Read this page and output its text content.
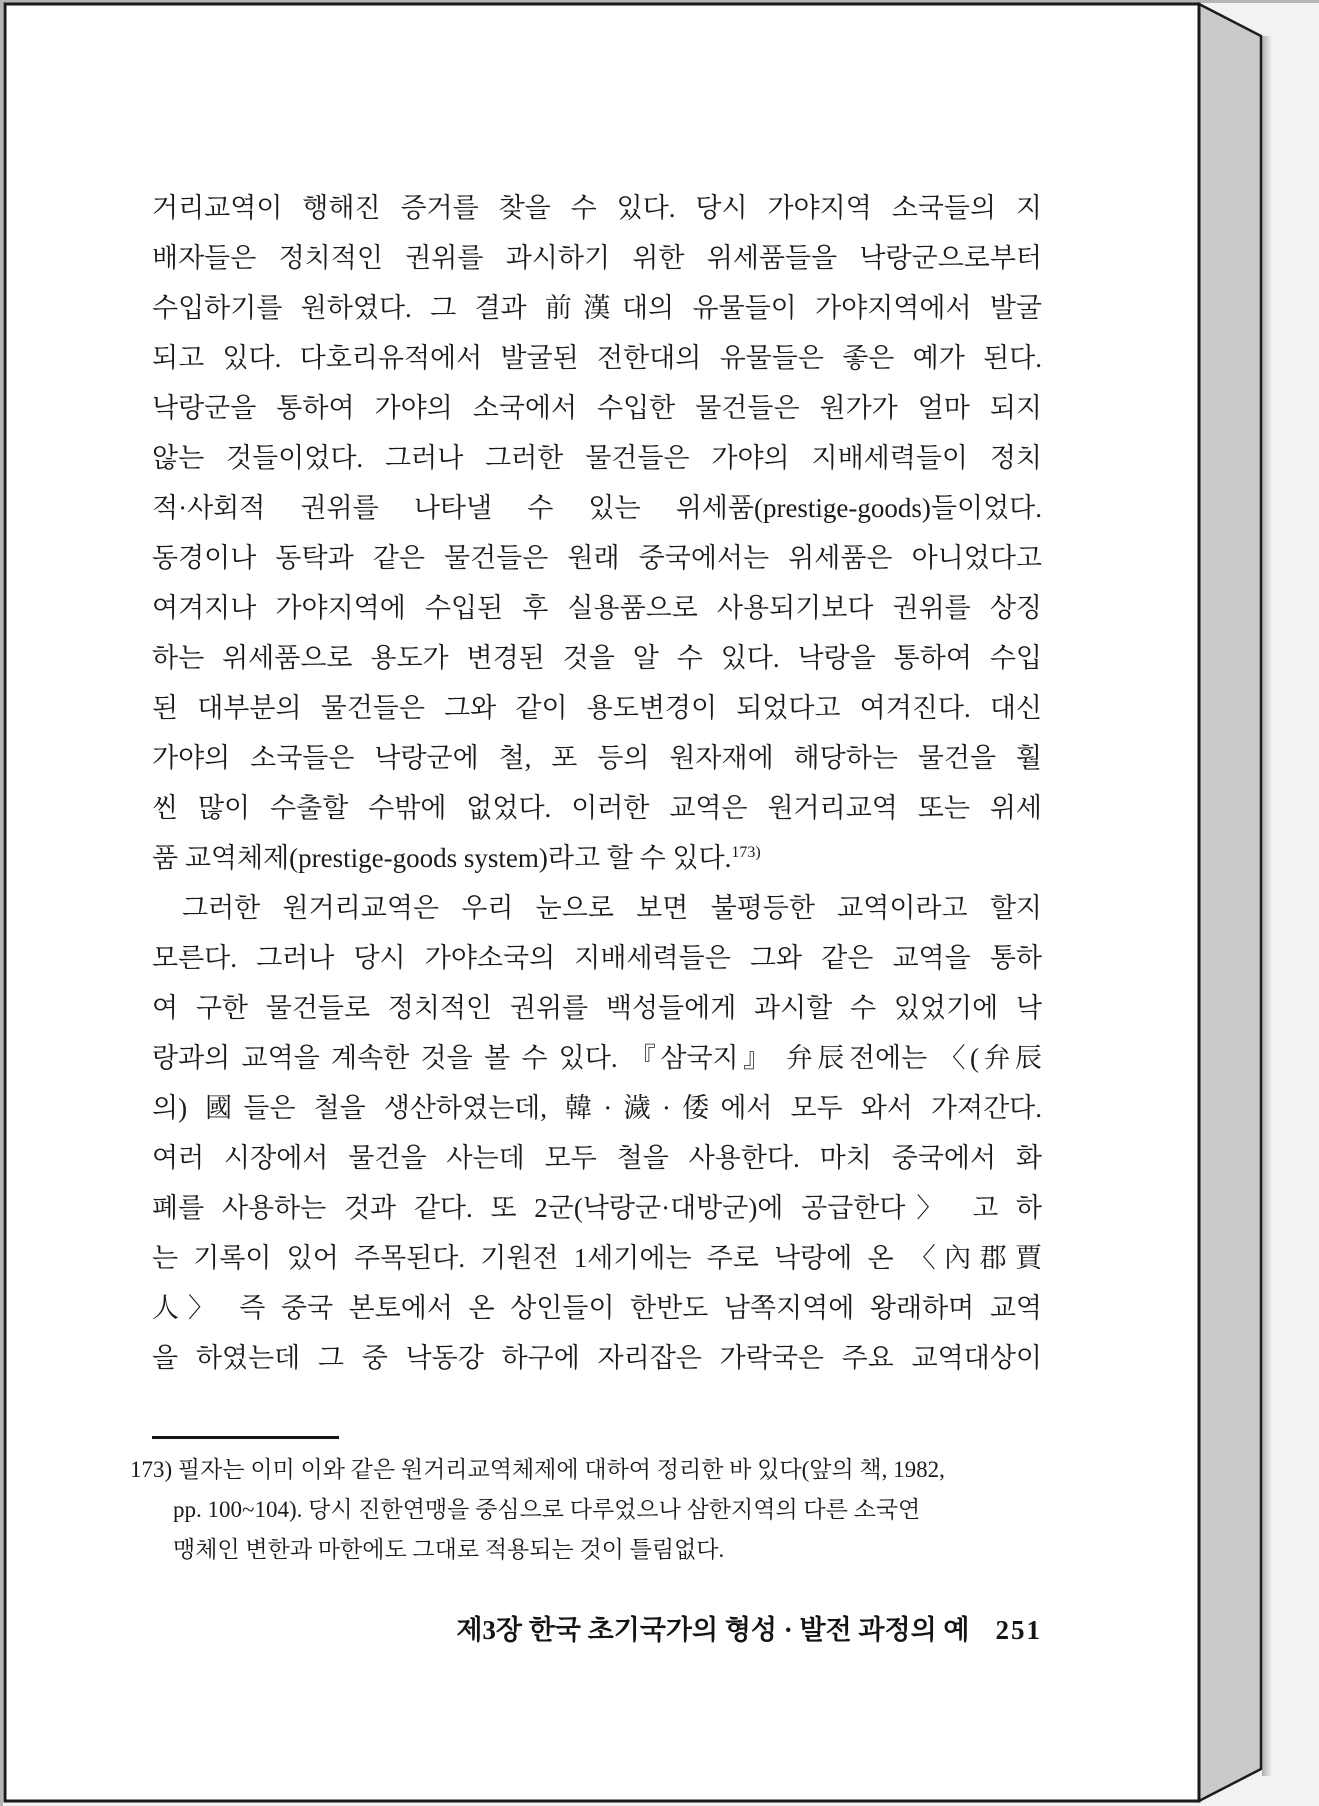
거리교역이 행해진 증거를 찾을 수 있다. 당시 가야지역 소국들의 지
배자들은 정치적인 권위를 과시하기 위한 위세품들을 낙랑군으로부터
수입하기를 원하였다. 그 결과 前漢대의 유물들이 가야지역에서 발굴
되고 있다. 다호리유적에서 발굴된 전한대의 유물들은 좋은 예가 된다.
낙랑군을 통하여 가야의 소국에서 수입한 물건들은 원가가 얼마 되지
않는 것들이었다. 그러나 그러한 물건들은 가야의 지배세력들이 정치
적·사회적 권위를 나타낼 수 있는 위세품(prestige-goods)들이었다.
동경이나 동탁과 같은 물건들은 원래 중국에서는 위세품은 아니었다고
여겨지나 가야지역에 수입된 후 실용품으로 사용되기보다 권위를 상징
하는 위세품으로 용도가 변경된 것을 알 수 있다. 낙랑을 통하여 수입
된 대부분의 물건들은 그와 같이 용도변경이 되었다고 여겨진다. 대신
가야의 소국들은 낙랑군에 철, 포 등의 원자재에 해당하는 물건을 훨
씬 많이 수출할 수밖에 없었다. 이러한 교역은 원거리교역 또는 위세
품 교역체제(prestige-goods system)라고 할 수 있다.$^{173)}$
그러한 원거리교역은 우리 눈으로 보면 불평등한 교역이라고 할지
모른다. 그러나 당시 가야소국의 지배세력들은 그와 같은 교역을 통하
여 구한 물건들로 정치적인 권위를 백성들에게 과시할 수 있었기에 낙
랑과의 교역을 계속한 것을 볼 수 있다. 『삼국지』 弁辰전에는 〈(弁辰
의) 國들은 철을 생산하였는데, 韓·濊·倭에서 모두 와서 가져간다.
여러 시장에서 물건을 사는데 모두 철을 사용한다. 마치 중국에서 화
폐를 사용하는 것과 같다. 또 2군(낙랑군·대방군)에 공급한다〉 고 하
는 기록이 있어 주목된다. 기원전 1세기에는 주로 낙랑에 온 〈內郡賈
人〉 즉 중국 본토에서 온 상인들이 한반도 남쪽지역에 왕래하며 교역
을 하였는데 그 중 낙동강 하구에 자리잡은 가락국은 주요 교역대상이
173) 필자는 이미 이와 같은 원거리교역체제에 대하여 정리한 바 있다(앞의 책, 1982,
pp. 100~104). 당시 진한연맹을 중심으로 다루었으나 삼한지역의 다른 소국연
맹체인 변한과 마한에도 그대로 적용되는 것이 틀림없다.
제3장 한국 초기국가의 형성 · 발전 과정의 예 251
